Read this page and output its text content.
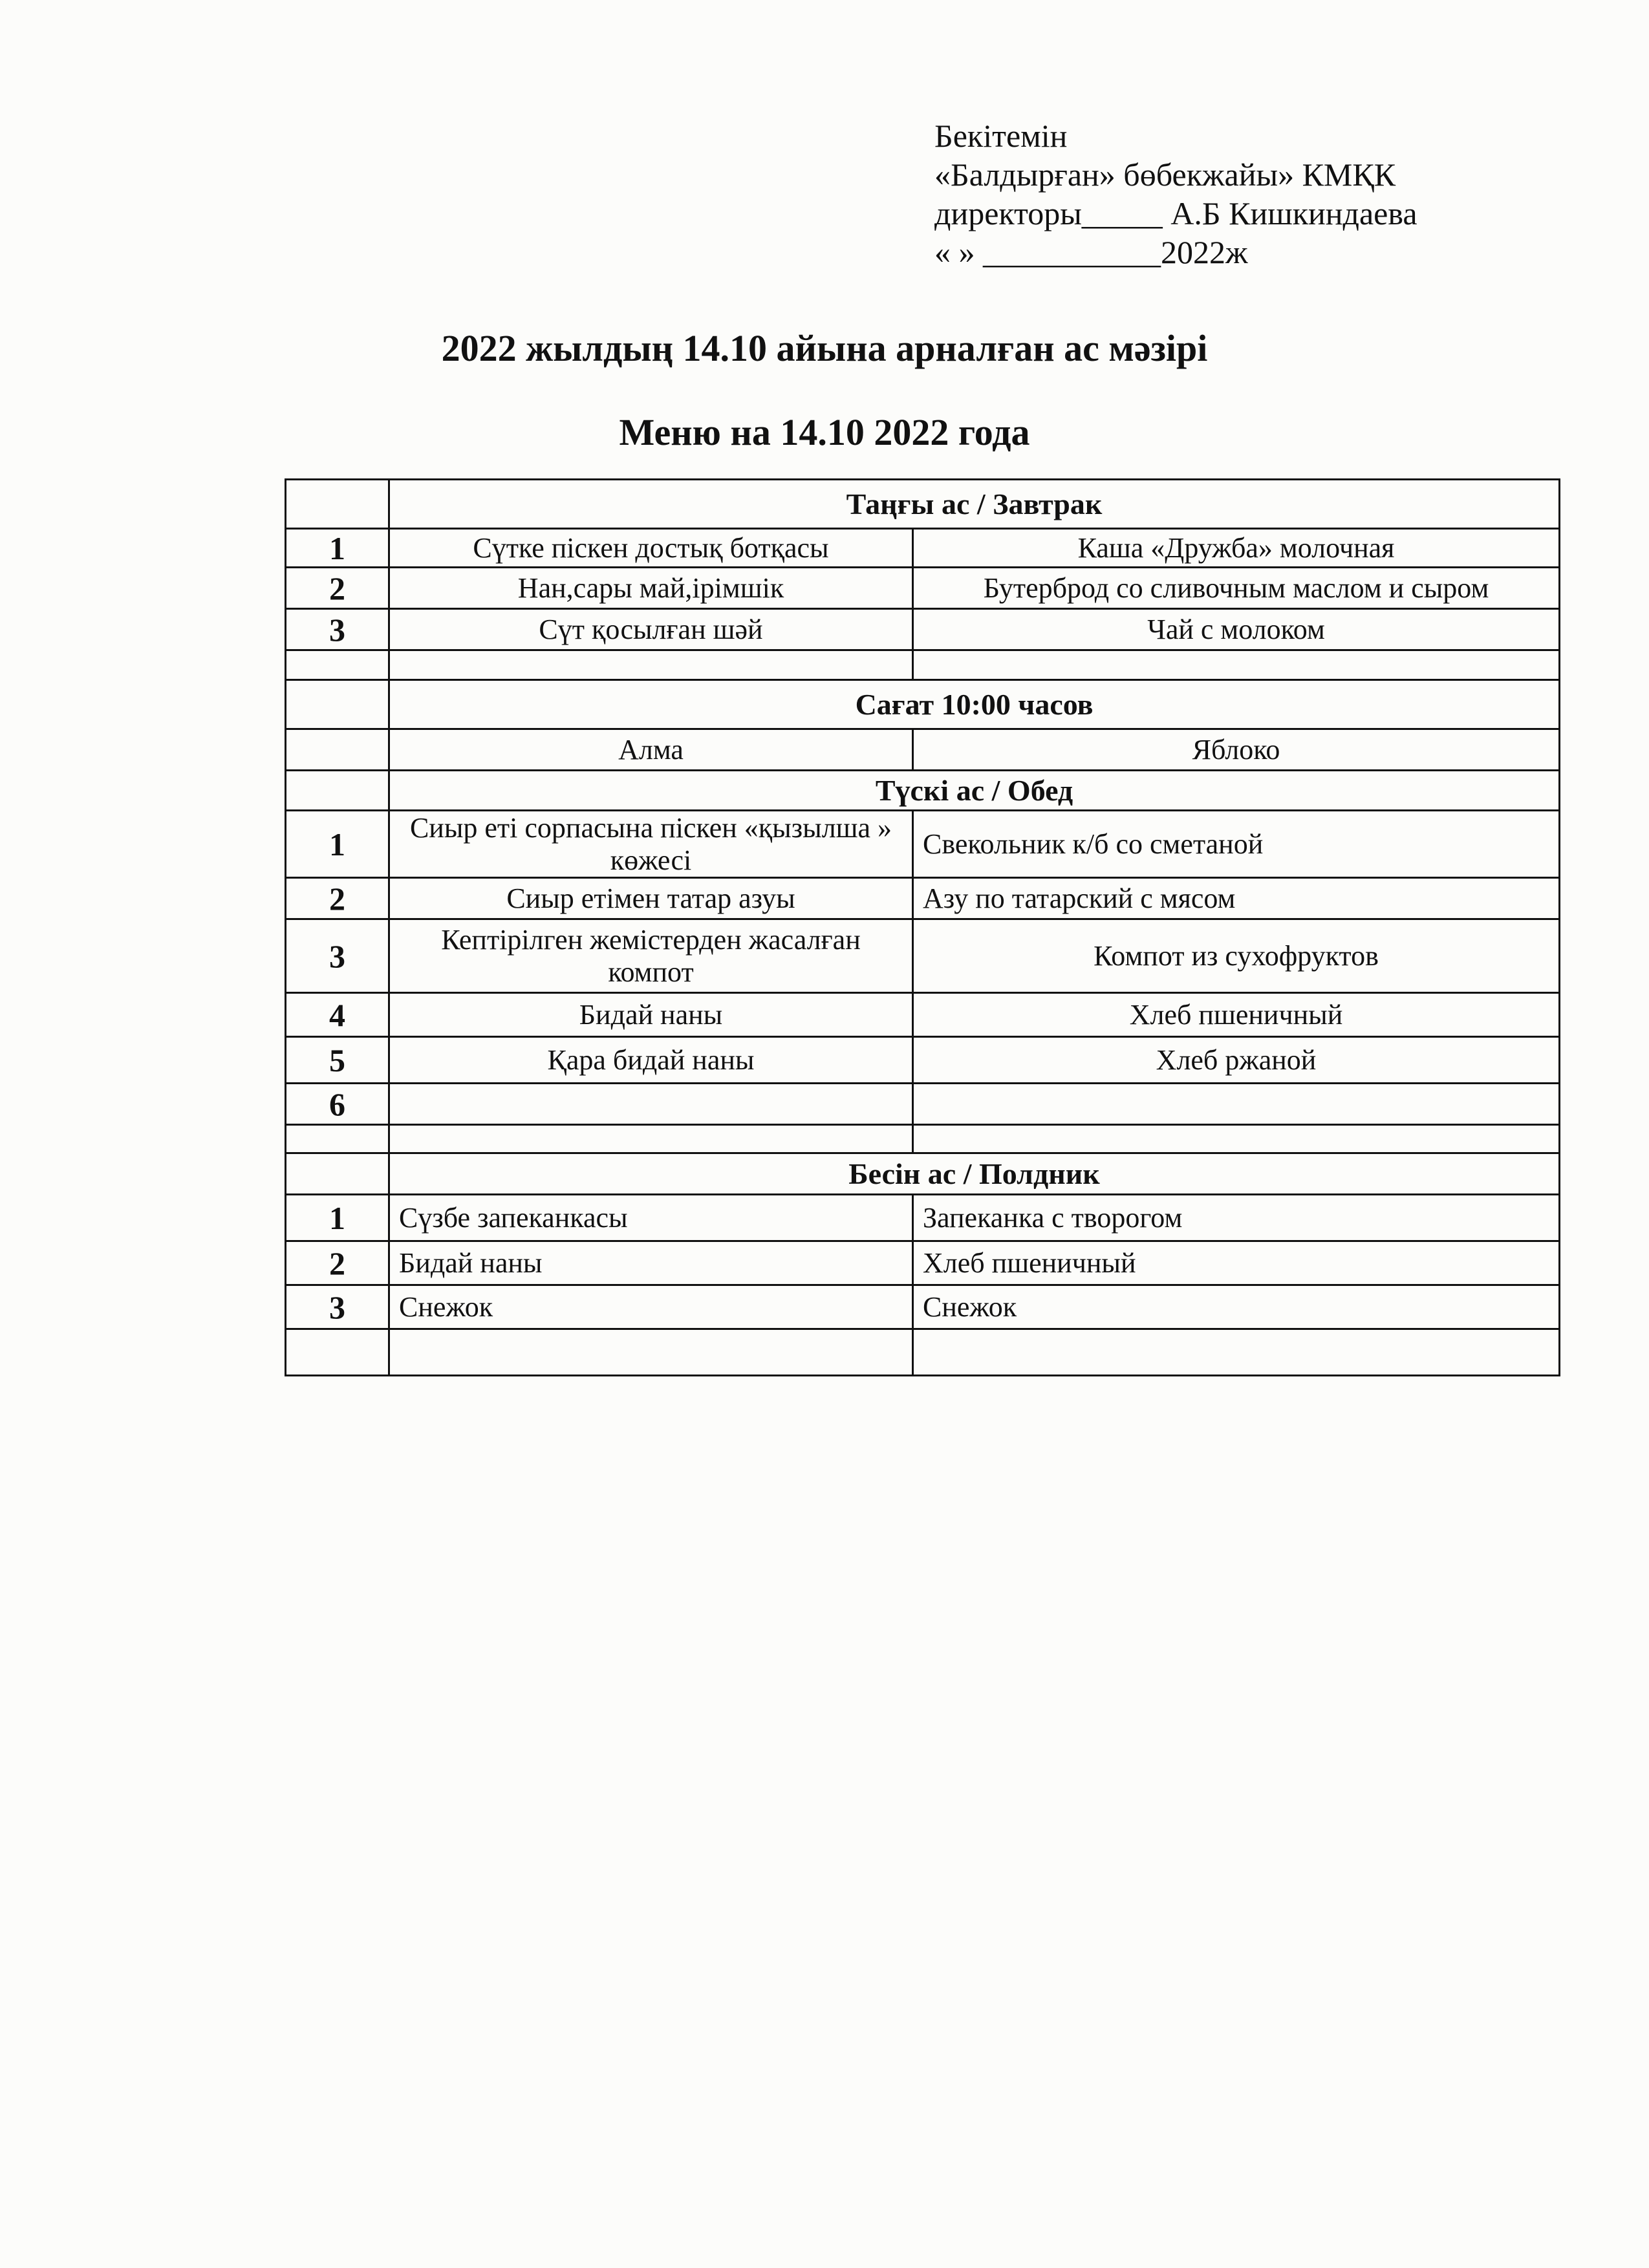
Бекітемін
«Балдырған» бөбекжайы» КМҚК
директоры_____ А.Б Кишкиндаева
« » ___________2022ж
2022 жылдың 14.10 айына арналған ас мәзірі
Меню на 14.10 2022 года
	Таңғы ас / Завтрак	
1	Сүтке піскен достық ботқасы	Каша «Дружба» молочная
2	Нан,сары май,ірімшік	Бутерброд со сливочным маслом и сыром
3	Сүт қосылған шәй	Чай с молоком

	Сағат 10:00 часов	
	Алма	Яблоко
	Түскі ас / Обед	
1	Сиыр еті сорпасына піскен «қызылша » көжесі	Свекольник к/б со сметаной
2	Сиыр етімен татар азуы	Азу по татарский с мясом
3	Кептірілген жемістерден жасалған компот	Компот из сухофруктов
4	Бидай наны	Хлеб пшеничный
5	Қара бидай наны	Хлеб ржаной
6		

	Бесін ас / Полдник	
1	Сүзбе запеканкасы	Запеканка с творогом
2	Бидай наны	Хлеб пшеничный
3	Снежок	Снежок
